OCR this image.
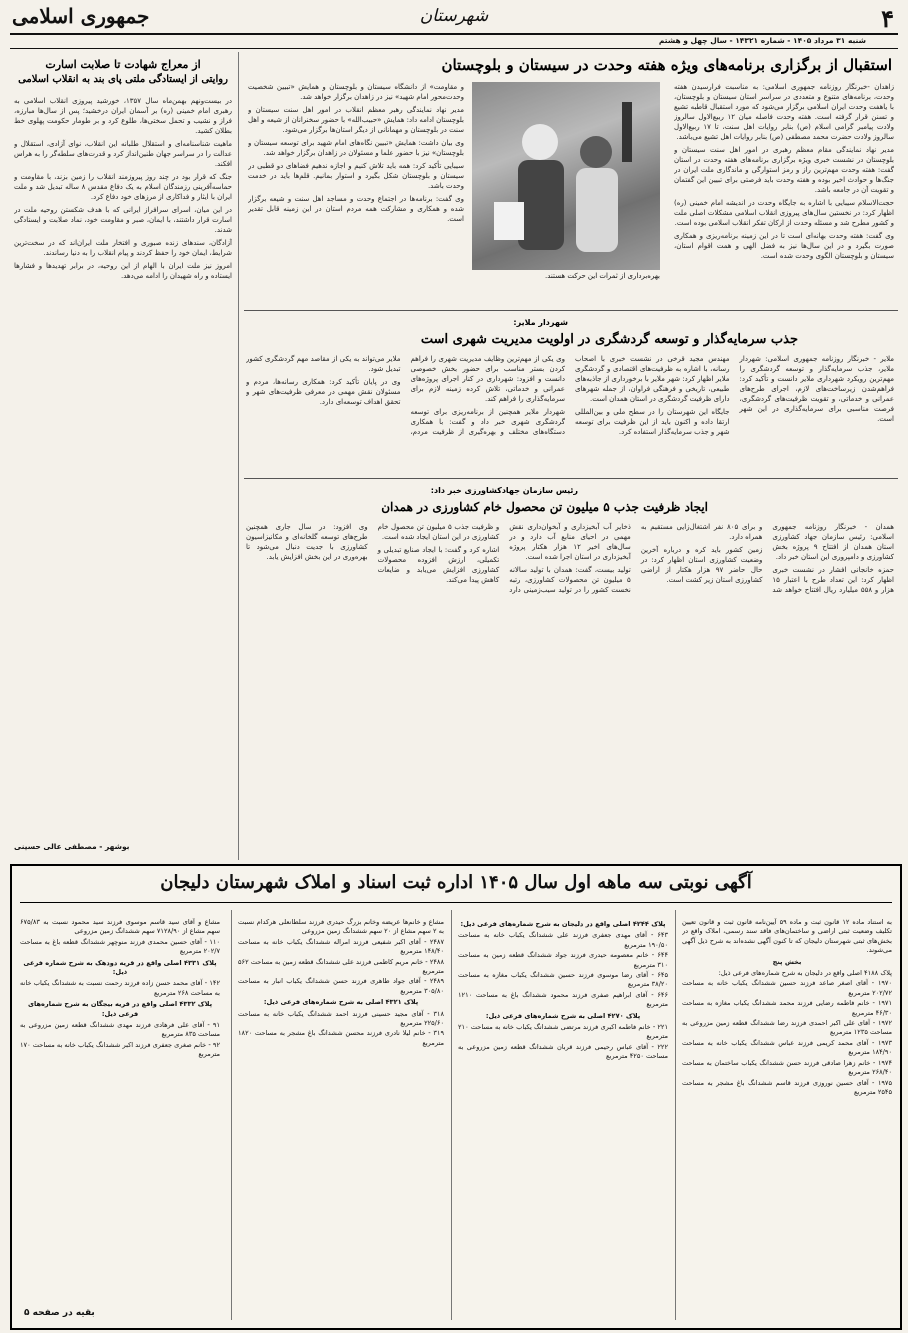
۴
شهرستان
جمهوری اسلامی
شنبه ۳۱ مرداد ۱۴۰۵ - شماره ۱۴۳۲۱ - سال چهل و هشتم
استقبال از برگزاری برنامه‌های ویژه هفته وحدت در سیستان و بلوچستان

زاهدان -خبرنگار روزنامه جمهوری اسلامی: به مناسبت فرارسیدن هفته وحدت، برنامه‌های متنوع و متعددی در سراسر استان سیستان و بلوچستان، با یاهفت وحدت ایران اسلامی برگزار می‌شود که مورد استقبال قاطبه تشیع و تسنن قرار گرفته است. هفته وحدت فاصله میان ۱۲ ربیع‌الاول سالروز ولادت پیامبر گرامی اسلام (ص) بنابر روایات اهل سنت، تا ۱۷ ربیع‌الاول سالروز ولادت حضرت محمد مصطفی (ص) بنابر روایات اهل تشیع می‌باشد.

مدیر نهاد نمایندگی مقام معظم رهبری در امور اهل سنت سیستان و بلوچستان در نشست خبری ویژه برگزاری برنامه‌های هفته وحدت در استان گفت: هفته وحدت مهم‌ترین راز و رمز استوارگی و ماندگاری ملت ایران در جنگ‌ها و حوادث اخیر بوده و هفته وحدت باید فرصتی برای تبیین این گفتمان و تقویت آن در جامعه باشد.

حجت‌الاسلام سیبایی با اشاره به جایگاه وحدت در اندیشه امام خمینی (ره) اظهار کرد: در نخستین سال‌های پیروزی انقلاب اسلامی مشکلات اصلی ملت و کشور مطرح شد و مسئله وحدت از ارکان تفکر انقلاب اسلامی بوده است.

وی گفت: هفته وحدت بهانه‌ای است تا در این زمینه برنامه‌ریزی و همکاری صورت بگیرد و در این سال‌ها نیز به فضل الهی و همت اقوام استان، سیستان و بلوچستان الگوی وحدت شده است.

بهره‌برداری از ثمرات این حرکت هستند.

و مقاومت» از دانشگاه سیستان و بلوچستان و همایش «تبیین شخصیت وحدت‌محور امام شهید» نیز در زاهدان برگزار خواهد شد.

مدیر نهاد نمایندگی رهبر معظم انقلاب در امور اهل سنت سیستان و بلوچستان ادامه داد: همایش «حبیب‌الله» با حضور سخنرانان از شیعه و اهل سنت در بلوچستان و مهمانانی از دیگر استان‌ها برگزار می‌شود.

وی بیان داشت: همایش «تبیین نگاه‌های امام شهید برای توسعه سیستان و بلوچستان» نیز با حضور علما و مسئولان در زاهدان برگزار خواهد شد.

سیبایی تأکید کرد: همه باید تلاش کنیم و اجازه ندهیم فضاهای دو قطبی در سیستان و بلوچستان شکل بگیرد و استوار بمانیم. قلم‌ها باید در خدمت وحدت باشد.

وی گفت: برنامه‌ها در اجتماع وحدت و مساجد اهل سنت و شیعه برگزار شده و همکاری و مشارکت همه مردم استان در این زمینه قابل تقدیر است.

از معراج شهادت تا صلابت اسارت
روایتی از ایستادگی ملتی پای بند به انقلاب اسلامی

در بیست‌ونهم بهمن‌ماه سال ۱۳۵۷، خورشید پیروزی انقلاب اسلامی به رهبری امام خمینی (ره) بر آسمان ایران درخشید؛ پس از سال‌ها مبارزه، فراز و نشیب و تحمل سختی‌ها، طلوع کرد و بر طومار حکومت پهلوی خط بطلان کشید.

ماهیت شناسنامه‌ای و استقلال طلبانه این انقلاب، نوای آزادی، استقلال و عدالت را در سراسر جهان طنین‌انداز کرد و قدرت‌های سلطه‌گر را به هراس افکند.

جنگ که قرار بود در چند روز پیروزمند انقلاب را زمین بزند، با مقاومت و حماسه‌آفرینی رزمندگان اسلام به یک دفاع مقدس ۸ ساله تبدیل شد و ملت ایران با ایثار و فداکاری از مرزهای خود دفاع کرد.

در این میان، اسرای سرافراز ایرانی که با هدف شکستن روحیه ملت در اسارت قرار داشتند، با ایمان، صبر و مقاومت خود، نماد صلابت و ایستادگی شدند.

آزادگان، سندهای زنده صبوری و افتخار ملت ایران‌اند که در سخت‌ترین شرایط، ایمان خود را حفظ کردند و پیام انقلاب را به دنیا رساندند.

امروز نیز ملت ایران با الهام از این روحیه، در برابر تهدیدها و فشارها ایستاده و راه شهیدان را ادامه می‌دهد.

بوشهر - مصطفی عالی حسینی
شهردار ملایر:
جذب سرمایه‌گذار و توسعه گردشگری در اولویت مدیریت شهری است

ملایر - خبرنگار روزنامه جمهوری اسلامی: شهردار ملایر، جذب سرمایه‌گذار و توسعه گردشگری را مهم‌ترین رویکرد شهرداری ملایر دانست و تأکید کرد: فراهم‌شدن زیرساخت‌های لازم، اجرای طرح‌های عمرانی و خدماتی، و تقویت ظرفیت‌های گردشگری، فرصت مناسبی برای سرمایه‌گذاری در این شهر است.

مهندس مجید قرخی در نشست خبری با اصحاب رسانه، با اشاره به ظرفیت‌های اقتصادی و گردشگری ملایر اظهار کرد: شهر ملایر با برخورداری از جاذبه‌های طبیعی، تاریخی و فرهنگی فراوان، از جمله شهرهای دارای ظرفیت گردشگری در استان همدان است.

جایگاه این شهرستان را در سطح ملی و بین‌المللی ارتقا داده و اکنون باید از این ظرفیت برای توسعه شهر و جذب سرمایه‌گذار استفاده کرد.

وی یکی از مهم‌ترین وظایف مدیریت شهری را فراهم کردن بستر مناسب برای حضور بخش خصوصی دانست و افزود: شهرداری در کنار اجرای پروژه‌های عمرانی و خدماتی، تلاش کرده زمینه لازم برای سرمایه‌گذاری را فراهم کند.

شهردار ملایر همچنین از برنامه‌ریزی برای توسعه گردشگری شهری خبر داد و گفت: با همکاری دستگاه‌های مختلف و بهره‌گیری از ظرفیت مردم، ملایر می‌تواند به یکی از مقاصد مهم گردشگری کشور تبدیل شود.

وی در پایان تأکید کرد: همکاری رسانه‌ها، مردم و مسئولان نقش مهمی در معرفی ظرفیت‌های شهر و تحقق اهداف توسعه‌ای دارد.

رئیس سازمان جهادکشاورزی خبر داد:
ایجاد ظرفیت جذب ۵ میلیون تن محصول خام کشاورزی در همدان

همدان - خبرنگار روزنامه جمهوری اسلامی: رئیس سازمان جهاد کشاورزی استان همدان از افتتاح ۹ پروژه بخش کشاورزی و دامپروری این استان خبر داد.

حمزه خانجانی افشار در نشست خبری اظهار کرد: این تعداد طرح با اعتبار ۱۵ هزار و ۵۵۸ میلیارد ریال افتتاح خواهد شد و برای ۸۰۵ نفر اشتغال‌زایی مستقیم به همراه دارد.

زمین کشور باید کره و درباره آخرین وضعیت کشاورزی استان اظهار کرد: در حال حاضر ۹۷ هزار هکتار از اراضی کشاورزی استان زیر کشت است.

ذخایر آب آبخیزداری و آبخوان‌داری نقش مهمی در احیای منابع آب دارد و در سال‌های اخیر ۱۲ هزار هکتار پروژه آبخیزداری در استان اجرا شده است.

تولید بیست، گفت: همدان با تولید سالانه ۵ میلیون تن محصولات کشاورزی، رتبه نخست کشور را در تولید سیب‌زمینی دارد و ظرفیت جذب ۵ میلیون تن محصول خام کشاورزی در این استان ایجاد شده است.

اشاره کرد و گفت: با ایجاد صنایع تبدیلی و تکمیلی، ارزش افزوده محصولات کشاورزی افزایش می‌یابد و ضایعات کاهش پیدا می‌کند.

وی افزود: در سال جاری همچنین طرح‌های توسعه گلخانه‌ای و مکانیزاسیون کشاورزی با جدیت دنبال می‌شود تا بهره‌وری در این بخش افزایش یابد.

آگهی نوبتی سه ماهه اول سال ۱۴۰۵ اداره ثبت اسناد و املاک شهرستان دلیجان

به استناد ماده ۱۲ قانون ثبت و ماده ۵۹ آیین‌نامه قانون ثبت و قانون تعیین تکلیف وضعیت ثبتی اراضی و ساختمان‌های فاقد سند رسمی، املاک واقع در بخش‌های ثبتی شهرستان دلیجان که تا کنون آگهی نشده‌اند به شرح ذیل آگهی می‌شوند.

بخش پنج

پلاک ۴۱۸۸ اصلی واقع در دلیجان به شرح شماره‌های فرعی ذیل:

۱۹۷۰ - آقای اصغر صاعد فرزند حسین ششدانگ یکباب خانه به مساحت ۲۰۲/۷۲ مترمربع

۱۹۷۱ - خانم فاطمه رضایی فرزند محمد ششدانگ یکباب مغازه به مساحت ۴۶/۳۰ مترمربع

۱۹۷۲ - آقای علی اکبر احمدی فرزند رضا ششدانگ قطعه زمین مزروعی به مساحت ۱۲۳۵ مترمربع

۱۹۷۳ - آقای محمد کریمی فرزند عباس ششدانگ یکباب خانه به مساحت ۱۸۴/۹۰ مترمربع

۱۹۷۴ - خانم زهرا صادقی فرزند حسن ششدانگ یکباب ساختمان به مساحت ۲۶۸/۴۰ مترمربع

۱۹۷۵ - آقای حسین نوروزی فرزند قاسم ششدانگ باغ مشجر به مساحت ۲۵۴۵ مترمربع

پلاک ۴۲۴۴ اصلی واقع در دلیجان به شرح شماره‌های فرعی ذیل:

۶۴۳ - آقای مهدی جعفری فرزند علی ششدانگ یکباب خانه به مساحت ۱۹۰/۵۰ مترمربع

۶۴۴ - خانم معصومه حیدری فرزند جواد ششدانگ قطعه زمین به مساحت ۳۱۰ مترمربع

۶۴۵ - آقای رضا موسوی فرزند حسین ششدانگ یکباب مغازه به مساحت ۳۸/۲۰ مترمربع

۶۴۶ - آقای ابراهیم صفری فرزند محمود ششدانگ باغ به مساحت ۱۲۱۰ مترمربع

پلاک ۴۲۷۰ اصلی به شرح شماره‌های فرعی ذیل:

۲۲۱ - خانم فاطمه اکبری فرزند مرتضی ششدانگ یکباب خانه به مساحت ۲۱۰ مترمربع

۲۲۲ - آقای عباس رحیمی فرزند قربان ششدانگ قطعه زمین مزروعی به مساحت ۴۲۵۰ مترمربع

مشاع و خانم‌ها عریضه وخانم بزرگ حیدری فرزند سلطانعلی هرکدام نسبت به ۲ سهم مشاع از ۲۰ سهم ششدانگ زمین مزروعی

۲۴۸۷ - آقای اکبر شفیعی فرزند امراله ششدانگ یکباب خانه به مساحت ۱۴۸/۴۰ مترمربع

۲۴۸۸ - خانم مریم کاظمی فرزند علی ششدانگ قطعه زمین به مساحت ۵۶۲ مترمربع

۲۴۸۹ - آقای جواد طاهری فرزند حسن ششدانگ یکباب انبار به مساحت ۳۰۵/۸۰ مترمربع

پلاک ۴۳۲۱ اصلی به شرح شماره‌های فرعی ذیل:

۳۱۸ - آقای مجید حسینی فرزند احمد ششدانگ یکباب خانه به مساحت ۲۲۵/۶۰ مترمربع

۳۱۹ - خانم لیلا نادری فرزند محسن ششدانگ باغ مشجر به مساحت ۱۸۲۰ مترمربع

مشاع و آقای سید قاسم موسوی فرزند سید محمود نسبت به ۶۷۵/۸۳ سهم مشاع از ۷۱۲۸/۹۰ سهم ششدانگ زمین مزروعی

۱۱۰ - آقای حسین محمدی فرزند منوچهر ششدانگ قطعه باغ به مساحت ۲۰۲/۷ مترمربع

پلاک ۴۳۳۱ اصلی واقع در قریه دودهک به شرح شماره فرعی ذیل:

۱۴۲ - آقای محمد حسن زاده فرزند رحمت نسبت به ششدانگ یکباب خانه به مساحت ۲۶۸ مترمربع

پلاک ۴۳۳۲ اصلی واقع در قریه بیجگان به شرح شماره‌های فرعی ذیل:

۹۱ - آقای علی فرهادی فرزند مهدی ششدانگ قطعه زمین مزروعی به مساحت ۸۳۵ مترمربع

۹۲ - خانم صغری جعفری فرزند اکبر ششدانگ یکباب خانه به مساحت ۱۷۰ مترمربع

بقیه در صفحه ۵
